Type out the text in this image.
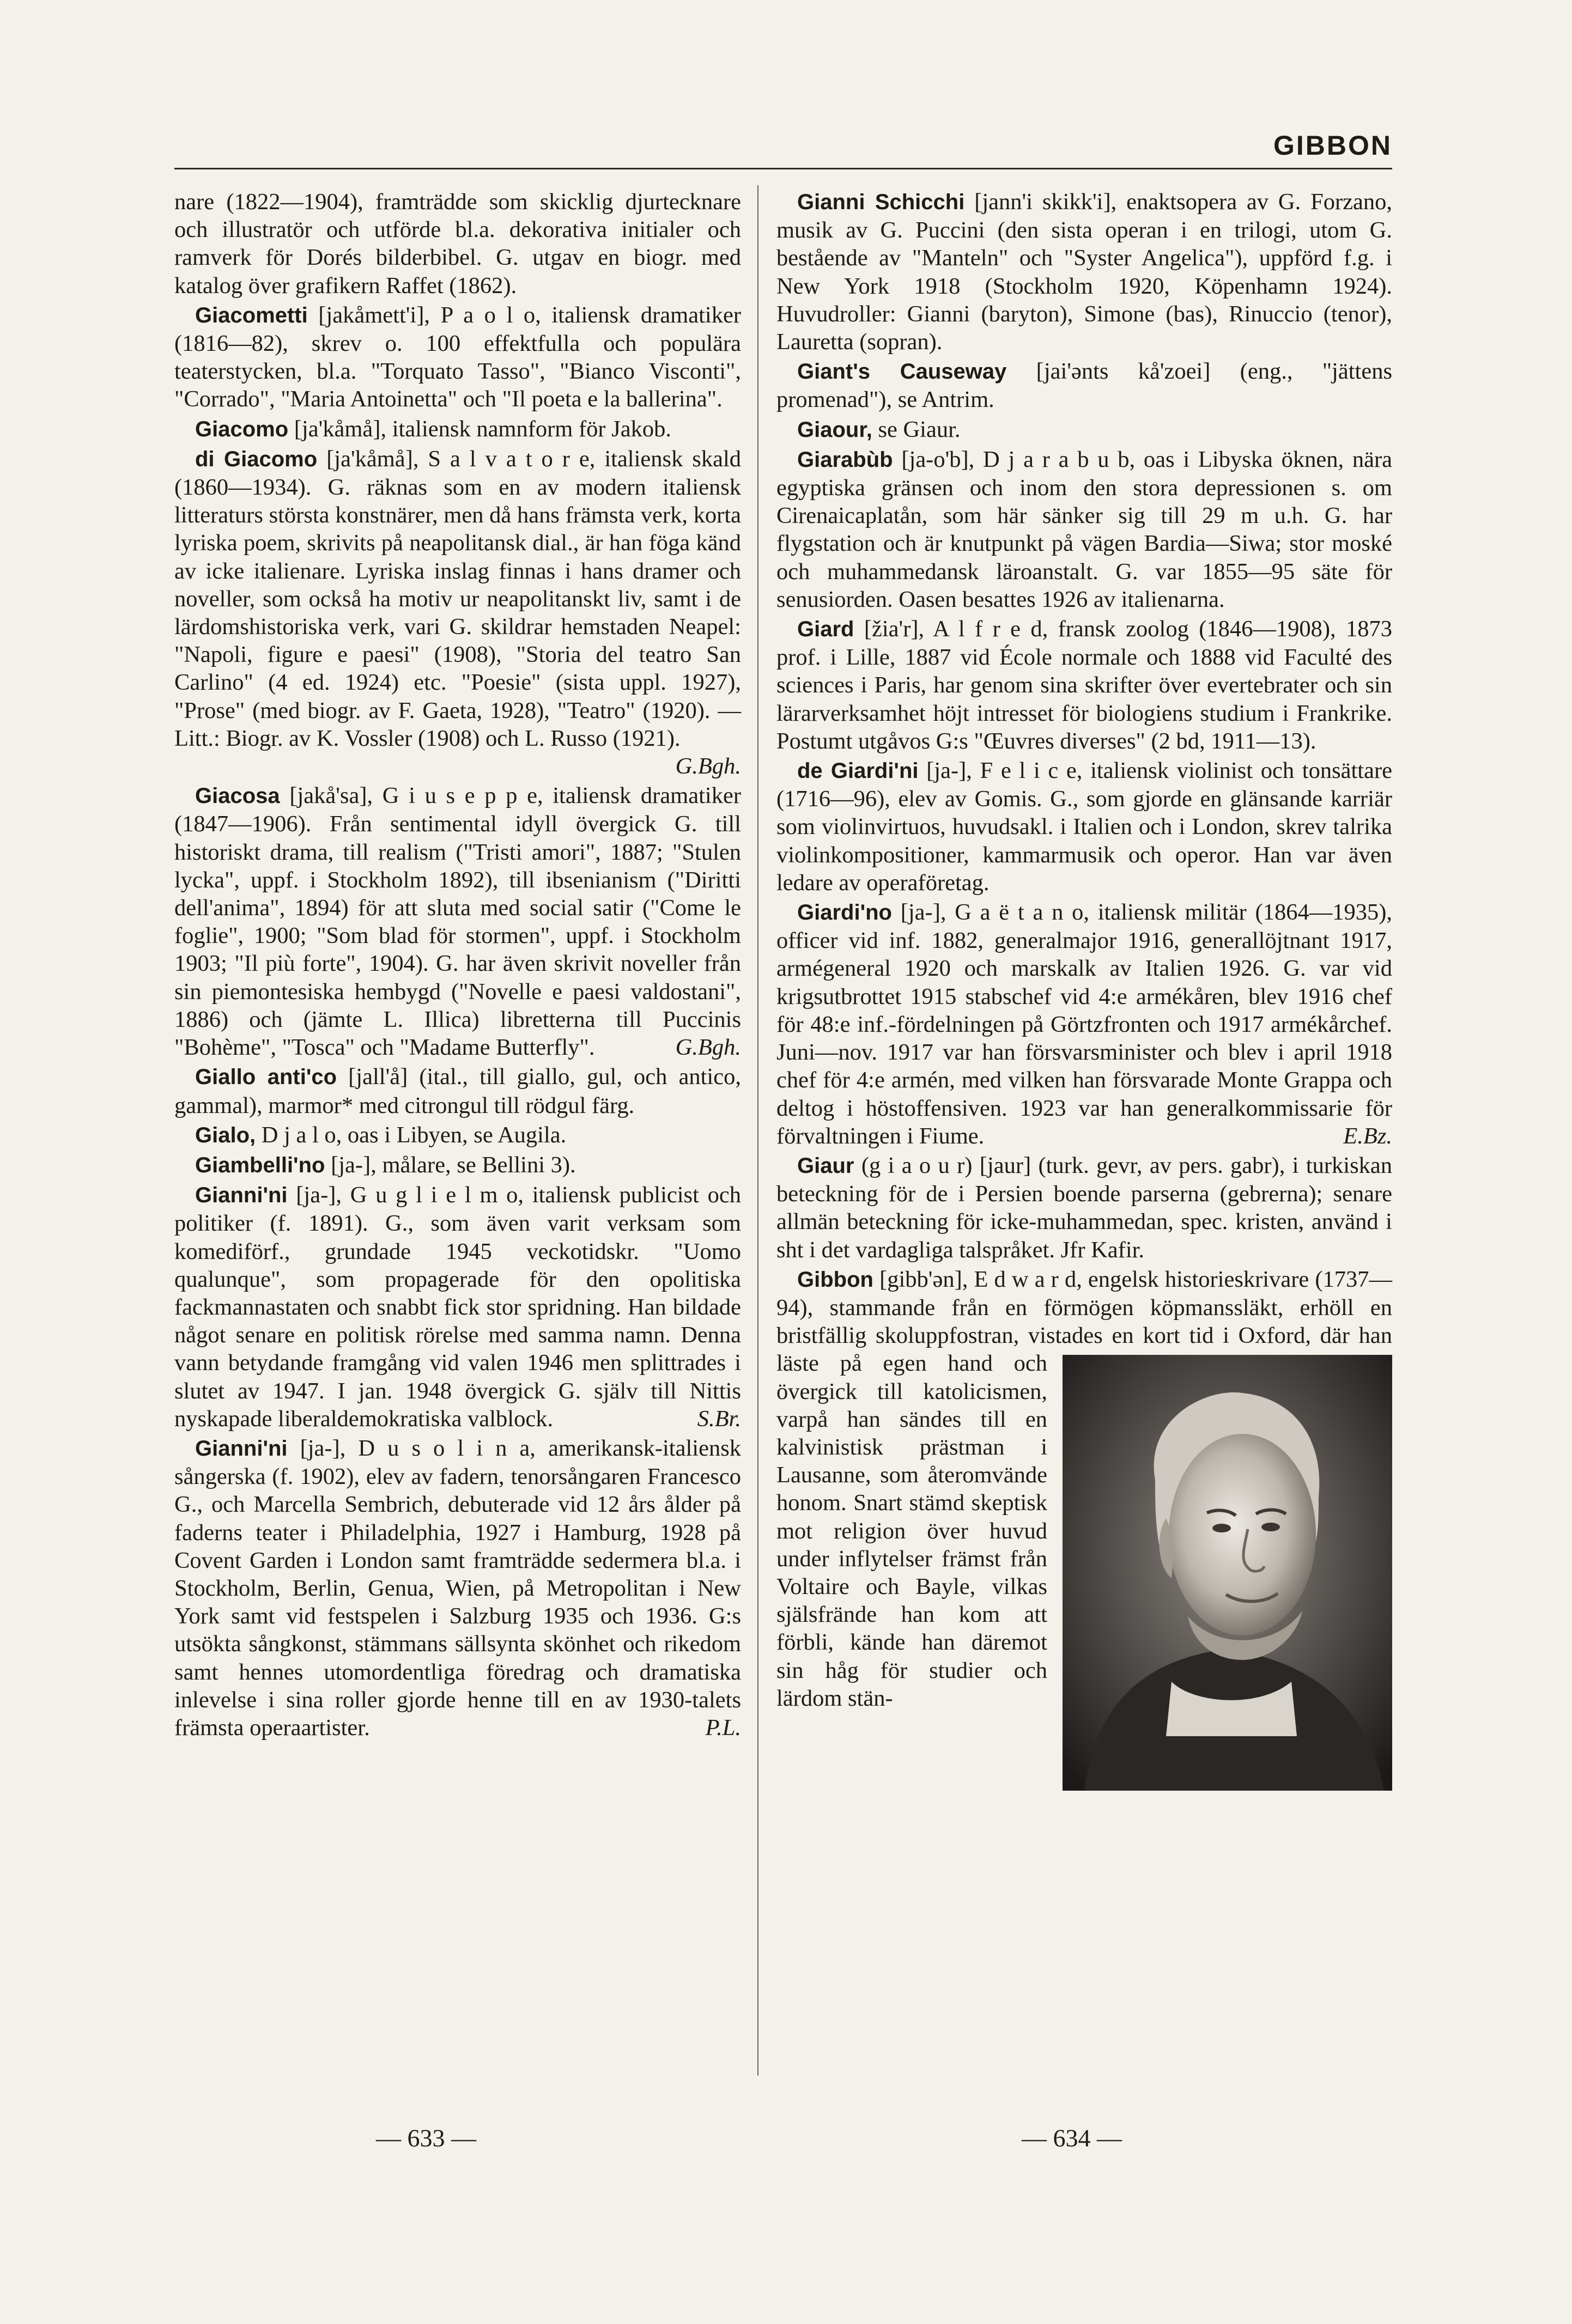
GIBBON

nare (1822—1904), framträdde som skicklig djurtecknare och illustratör och utförde bl.a. dekorativa initialer och ramverk för Dorés bilderbibel. G. utgav en biogr. med katalog över grafikern Raffet (1862).

Giacometti [jakåmett'i], P a o l o, italiensk dramatiker (1816—82), skrev o. 100 effektfulla och populära teaterstycken, bl.a. "Torquato Tasso", "Bianco Visconti", "Corrado", "Maria Antoinetta" och "Il poeta e la ballerina".

Giacomo [ja'kåmå], italiensk namnform för Jakob.

di Giacomo [ja'kåmå], S a l v a t o r e, italiensk skald (1860—1934). G. räknas som en av modern italiensk litteraturs största konstnärer, men då hans främsta verk, korta lyriska poem, skrivits på neapolitansk dial., är han föga känd av icke italienare. Lyriska inslag finnas i hans dramer och noveller, som också ha motiv ur neapolitanskt liv, samt i de lärdomshistoriska verk, vari G. skildrar hemstaden Neapel: "Napoli, figure e paesi" (1908), "Storia del teatro San Carlino" (4 ed. 1924) etc. "Poesie" (sista uppl. 1927), "Prose" (med biogr. av F. Gaeta, 1928), "Teatro" (1920). — Litt.: Biogr. av K. Vossler (1908) och L. Russo (1921).
G.Bgh.

Giacosa [jakå'sa], G i u s e p p e, italiensk dramatiker (1847—1906). Från sentimental idyll övergick G. till historiskt drama, till realism ("Tristi amori", 1887; "Stulen lycka", uppf. i Stockholm 1892), till ibsenianism ("Diritti dell'anima", 1894) för att sluta med social satir ("Come le foglie", 1900; "Som blad för stormen", uppf. i Stockholm 1903; "Il più forte", 1904). G. har även skrivit noveller från sin piemontesiska hembygd ("Novelle e paesi valdostani", 1886) och (jämte L. Illica) libretterna till Puccinis "Bohème", "Tosca" och "Madame Butterfly".	G.Bgh.

Giallo anti'co [jall'å] (ital., till giallo, gul, och antico, gammal), marmor* med citrongul till rödgul färg.

Gialo, D j a l o, oas i Libyen, se Augila.

Giambelli'no [ja-], målare, se Bellini 3).

Gianni'ni [ja-], G u g l i e l m o, italiensk publicist och politiker (f. 1891). G., som även varit verksam som komediförf., grundade 1945 veckotidskr. "Uomo qualunque", som propagerade för den opolitiska fackmannastaten och snabbt fick stor spridning. Han bildade något senare en politisk rörelse med samma namn. Denna vann betydande framgång vid valen 1946 men splittrades i slutet av 1947. I jan. 1948 övergick G. själv till Nittis nyskapade liberaldemokratiska valblock.	S.Br.

Gianni'ni [ja-], D u s o l i n a, amerikansk-italiensk sångerska (f. 1902), elev av fadern, tenorsångaren Francesco G., och Marcella Sembrich, debuterade vid 12 års ålder på faderns teater i Philadelphia, 1927 i Hamburg, 1928 på Covent Garden i London samt framträdde sedermera bl.a. i Stockholm, Berlin, Genua, Wien, på Metropolitan i New York samt vid festspelen i Salzburg 1935 och 1936. G:s utsökta sångkonst, stämmans sällsynta skönhet och rikedom samt hennes utomordentliga föredrag och dramatiska inlevelse i sina roller gjorde henne till en av 1930-talets främsta operaartister.	P.L.

Gianni Schicchi [jann'i skikk'i], enaktsopera av G. Forzano, musik av G. Puccini (den sista operan i en trilogi, utom G. bestående av "Manteln" och "Syster Angelica"), uppförd f.g. i New York 1918 (Stockholm 1920, Köpenhamn 1924). Huvudroller: Gianni (baryton), Simone (bas), Rinuccio (tenor), Lauretta (sopran).

Giant's Causeway [jai'ənts kå'zoei] (eng., "jättens promenad"), se Antrim.

Giaour, se Giaur.

Giarabùb [ja-o'b], D j a r a b u b, oas i Libyska öknen, nära egyptiska gränsen och inom den stora depressionen s. om Cirenaicaplatån, som här sänker sig till 29 m u.h. G. har flygstation och är knutpunkt på vägen Bardia—Siwa; stor moské och muhammedansk läroanstalt. G. var 1855—95 säte för senusiorden. Oasen besattes 1926 av italienarna.

Giard [žia'r], A l f r e d, fransk zoolog (1846—1908), 1873 prof. i Lille, 1887 vid École normale och 1888 vid Faculté des sciences i Paris, har genom sina skrifter över evertebrater och sin lärarverksamhet höjt intresset för biologiens studium i Frankrike. Postumt utgåvos G:s "Œuvres diverses" (2 bd, 1911—13).

de Giardi'ni [ja-], F e l i c e, italiensk violinist och tonsättare (1716—96), elev av Gomis. G., som gjorde en glänsande karriär som violinvirtuos, huvudsakl. i Italien och i London, skrev talrika violinkompositioner, kammarmusik och operor. Han var även ledare av operaföretag.

Giardi'no [ja-], G a ë t a n o, italiensk militär (1864—1935), officer vid inf. 1882, generalmajor 1916, generallöjtnant 1917, armégeneral 1920 och marskalk av Italien 1926. G. var vid krigsutbrottet 1915 stabschef vid 4:e armékåren, blev 1916 chef för 48:e inf.-fördelningen på Görtzfronten och 1917 armékårchef. Juni—nov. 1917 var han försvarsminister och blev i april 1918 chef för 4:e armén, med vilken han försvarade Monte Grappa och deltog i höstoffensiven. 1923 var han generalkommissarie för förvaltningen i Fiume.	E.Bz.

Giaur (g i a o u r) [jaur] (turk. gevr, av pers. gabr), i turkiskan beteckning för de i Persien boende parserna (gebrerna); senare allmän beteckning för icke-muhammedan, spec. kristen, använd i sht i det vardagliga talspråket. Jfr Kafir.

Gibbon [gibb'ən], E d w a r d, engelsk historieskrivare (1737—94), stammande från en förmögen köpmanssläkt, erhöll en bristfällig skoluppfostran, vistades en kort tid i Oxford, där han läste
på egen hand och övergick till katolicismen, varpå han sändes till en kalvinistisk prästman i Lausanne, som återomvände honom. Snart stämd skeptisk mot religion över huvud under inflytelser främst från Voltaire och Bayle, vilkas själsfrände han kom att förbli, kände han däremot sin håg för studier och lärdom stän-

— 633 —	— 634 —
